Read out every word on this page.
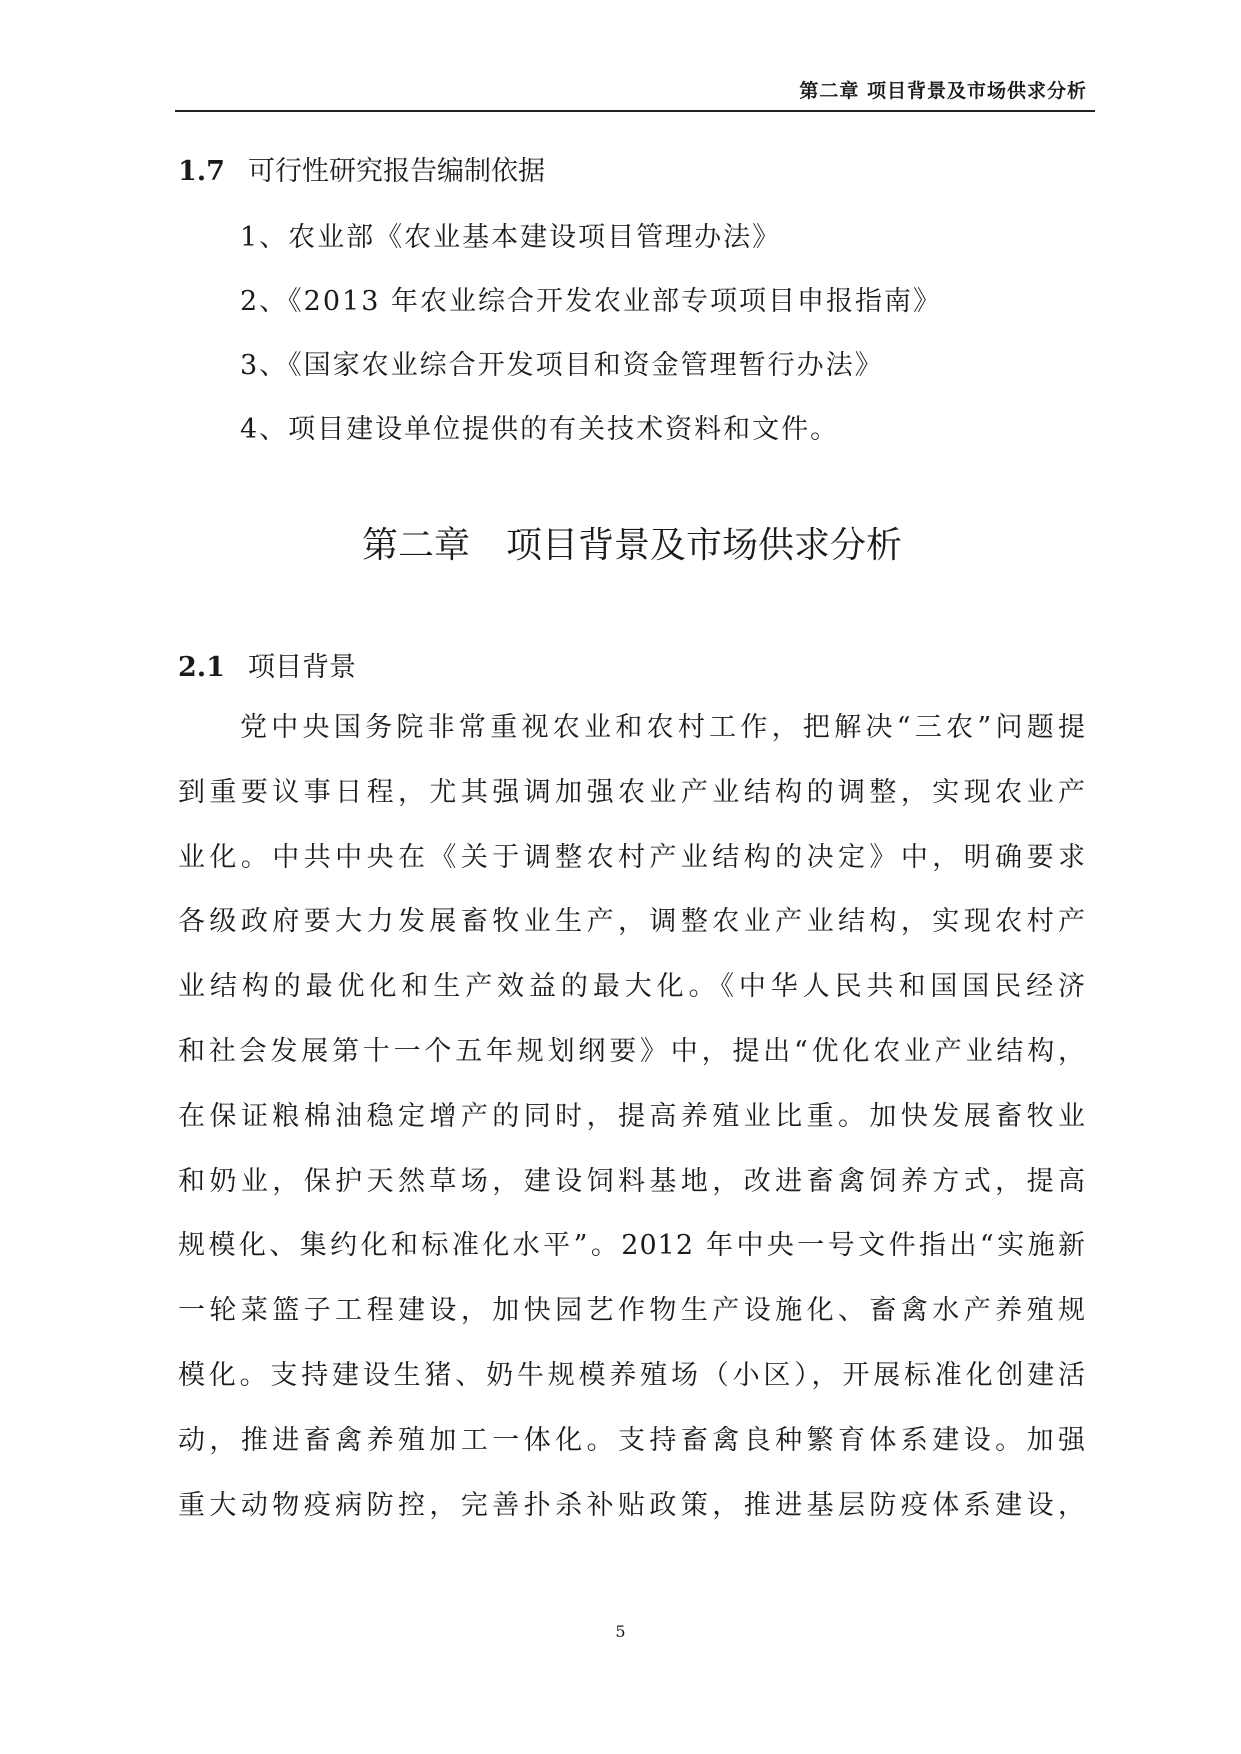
第二章 项目背景及市场供求分析
1.7 可行性研究报告编制依据
1、农业部《农业基本建设项目管理办法》
2、《2013 年农业综合开发农业部专项项目申报指南》
3、《国家农业综合开发项目和资金管理暂行办法》
4、项目建设单位提供的有关技术资料和文件。
第二章　项目背景及市场供求分析
2.1 项目背景
党中央国务院非常重视农业和农村工作，把解决“三农”问题提
到重要议事日程，尤其强调加强农业产业结构的调整，实现农业产
业化。中共中央在《关于调整农村产业结构的决定》中，明确要求
各级政府要大力发展畜牧业生产，调整农业产业结构，实现农村产
业结构的最优化和生产效益的最大化。《中华人民共和国国民经济
和社会发展第十一个五年规划纲要》中，提出“优化农业产业结构，
在保证粮棉油稳定增产的同时，提高养殖业比重。加快发展畜牧业
和奶业，保护天然草场，建设饲料基地，改进畜禽饲养方式，提高
规模化、集约化和标准化水平”。2012 年中央一号文件指出“实施新
一轮菜篮子工程建设，加快园艺作物生产设施化、畜禽水产养殖规
模化。支持建设生猪、奶牛规模养殖场（小区），开展标准化创建活
动，推进畜禽养殖加工一体化。支持畜禽良种繁育体系建设。加强
重大动物疫病防控，完善扑杀补贴政策，推进基层防疫体系建设，
5
